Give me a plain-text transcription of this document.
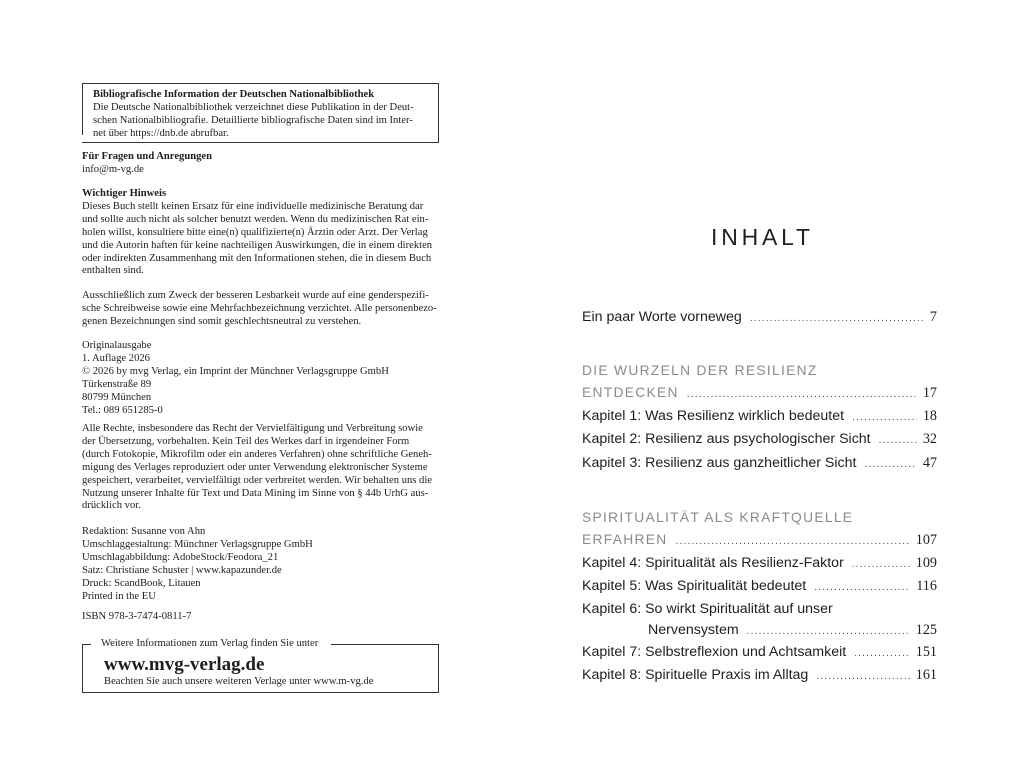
Bibliografische Information der Deutschen Nationalbibliothek

Die Deutsche Nationalbibliothek verzeichnet diese Publikation in der Deut-

schen Nationalbibliografie. Detaillierte bibliografische Daten sind im Inter-

net über https://dnb.de abrufbar.

Für Fragen und Anregungen

info@m-vg.de

Wichtiger Hinweis

Dieses Buch stellt keinen Ersatz für eine individuelle medizinische Beratung dar

und sollte auch nicht als solcher benutzt werden. Wenn du medizinischen Rat ein-

holen willst, konsultiere bitte eine(n) qualifizierte(n) Ärztin oder Arzt. Der Verlag

und die Autorin haften für keine nachteiligen Auswirkungen, die in einem direkten

oder indirekten Zusammenhang mit den Informationen stehen, die in diesem Buch

enthalten sind.

Ausschließlich zum Zweck der besseren Lesbarkeit wurde auf eine genderspezifi-

sche Schreibweise sowie eine Mehrfachbezeichnung verzichtet. Alle personenbezo-

genen Bezeichnungen sind somit geschlechtsneutral zu verstehen.

Originalausgabe

1. Auflage 2026

© 2026 by mvg Verlag, ein Imprint der Münchner Verlagsgruppe GmbH

Türkenstraße 89

80799 München

Tel.: 089 651285-0

Alle Rechte, insbesondere das Recht der Vervielfältigung und Verbreitung sowie

der Übersetzung, vorbehalten. Kein Teil des Werkes darf in irgendeiner Form

(durch Fotokopie, Mikrofilm oder ein anderes Verfahren) ohne schriftliche Geneh-

migung des Verlages reproduziert oder unter Verwendung elektronischer Systeme

gespeichert, verarbeitet, vervielfältigt oder verbreitet werden. Wir behalten uns die

Nutzung unserer Inhalte für Text und Data Mining im Sinne von § 44b UrhG aus-

drücklich vor.

Redaktion: Susanne von Ahn

Umschlaggestaltung: Münchner Verlagsgruppe GmbH

Umschlagabbildung: AdobeStock/Feodora_21

Satz: Christiane Schuster | www.kapazunder.de

Druck: ScandBook, Litauen

Printed in the EU

ISBN 978-3-7474-0811-7

Weitere Informationen zum Verlag finden Sie unter
www.mvg-verlag.de
Beachten Sie auch unsere weiteren Verlage unter www.m-vg.de
INHALT
Ein paar Worte vorneweg .....	7
DIE WURZELN DER RESILIENZ
ENTDECKEN .....	17
Kapitel 1: Was Resilienz wirklich bedeutet .....	18
Kapitel 2: Resilienz aus psychologischer Sicht .....	32
Kapitel 3: Resilienz aus ganzheitlicher Sicht .....	47
SPIRITUALITÄT ALS KRAFTQUELLE
ERFAHREN .....	107
Kapitel 4: Spiritualität als Resilienz-Faktor .....	109
Kapitel 5: Was Spiritualität bedeutet .....	116
Kapitel 6: So wirkt Spiritualität auf unser
Nervensystem .....	125
Kapitel 7: Selbstreflexion und Achtsamkeit .....	151
Kapitel 8: Spirituelle Praxis im Alltag .....	161
